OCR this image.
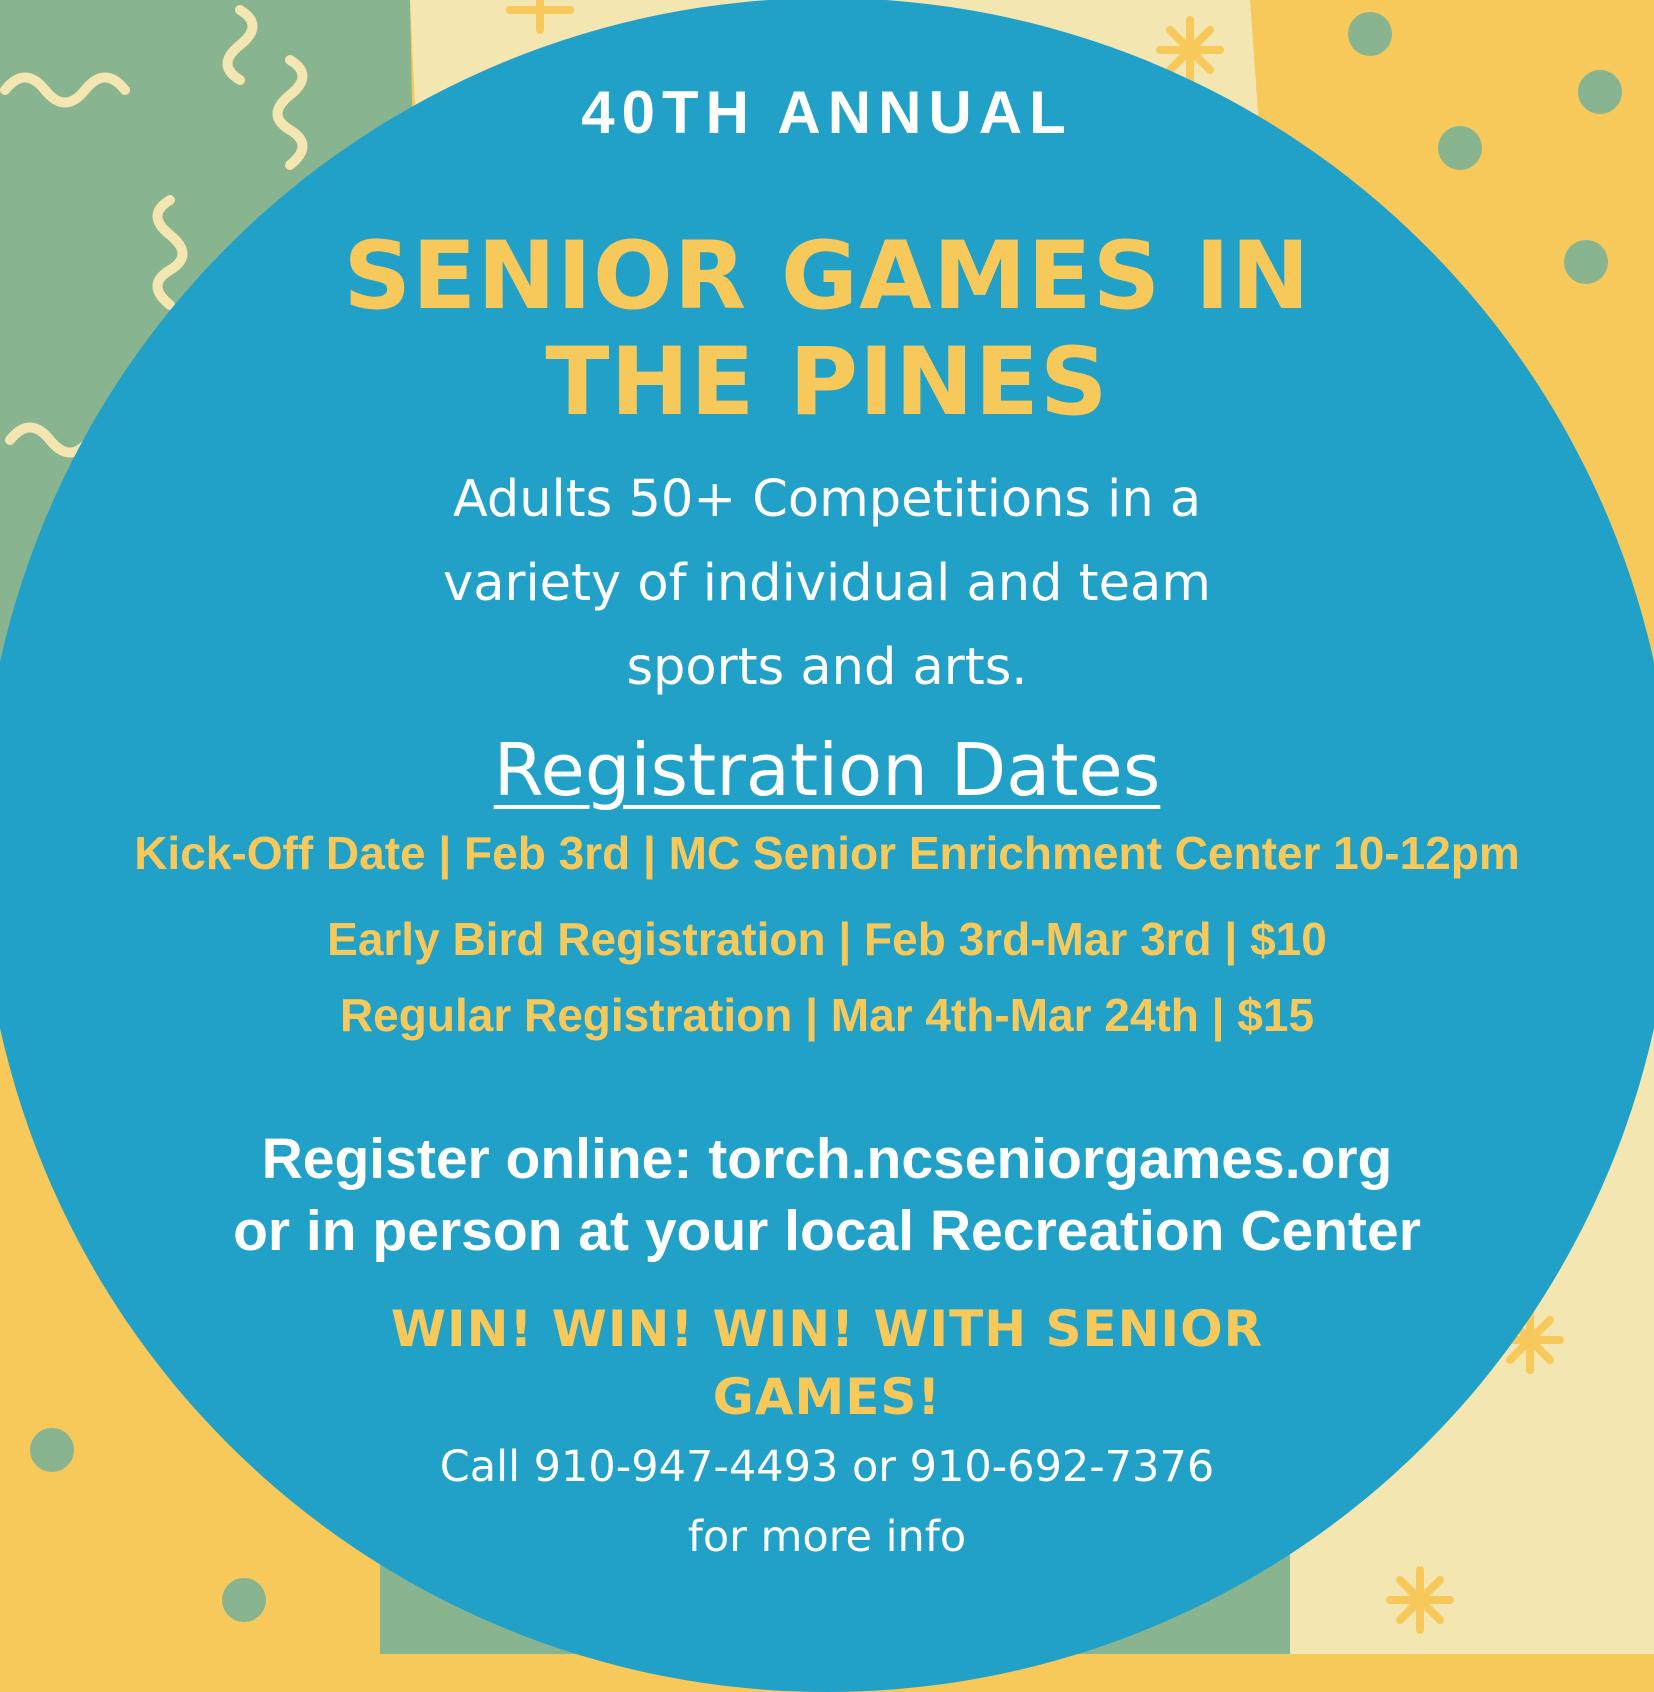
40TH ANNUAL

SENIOR GAMES IN

THE PINES

Adults 50+ Competitions in a

variety of individual and team

sports and arts.

Registration Dates

Kick-Off Date | Feb 3rd | MC Senior Enrichment Center 10-12pm

Early Bird Registration | Feb 3rd-Mar 3rd | $10

Regular Registration | Mar 4th-Mar 24th | $15

Register online: torch.ncseniorgames.org

or in person at your local Recreation Center

WIN! WIN! WIN! WITH SENIOR

GAMES!

Call 910-947-4493 or 910-692-7376

for more info
